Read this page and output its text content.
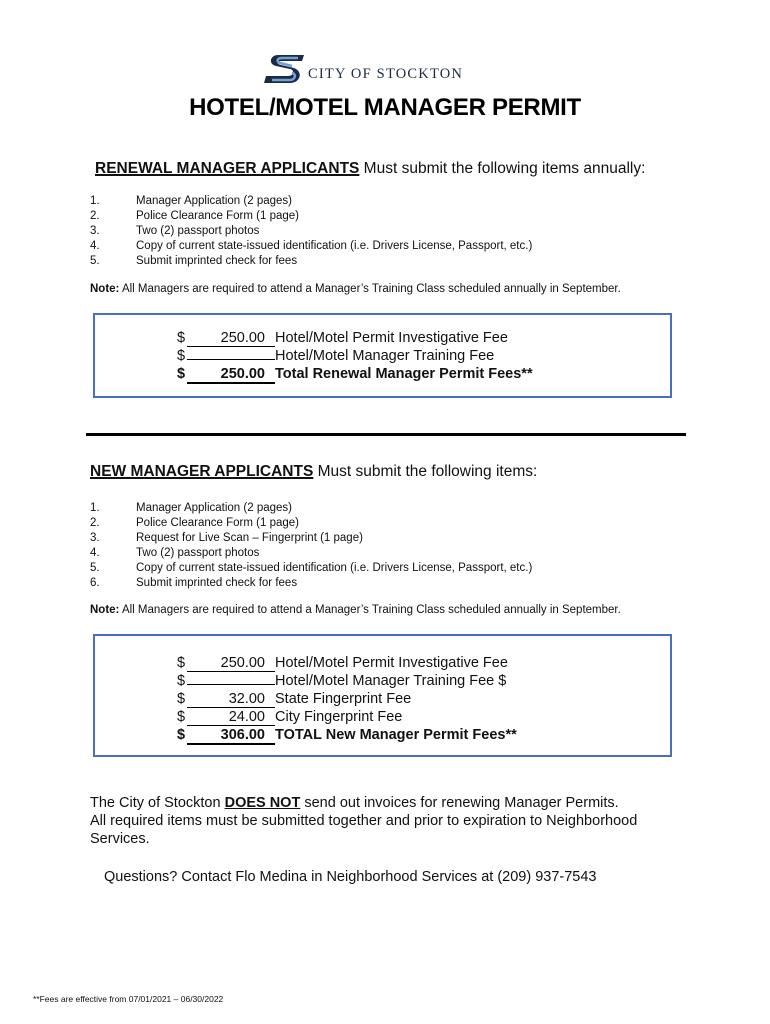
CITY OF STOCKTON
HOTEL/MOTEL MANAGER PERMIT
RENEWAL MANAGER APPLICANTS Must submit the following items annually:
1.	Manager Application (2 pages)
2.	Police Clearance Form (1 page)
3.	Two (2) passport photos
4.	Copy of current state-issued identification (i.e. Drivers License, Passport, etc.)
5.	Submit imprinted check for fees
Note: All Managers are required to attend a Manager’s Training Class scheduled annually in September.
$	250.00 Hotel/Motel Permit Investigative Fee
$	Hotel/Motel Manager Training Fee
$	250.00 Total Renewal Manager Permit Fees**
NEW MANAGER APPLICANTS Must submit the following items:
1.	Manager Application (2 pages)
2.	Police Clearance Form (1 page)
3.	Request for Live Scan – Fingerprint (1 page)
4.	Two (2) passport photos
5.	Copy of current state-issued identification (i.e. Drivers License, Passport, etc.)
6.	Submit imprinted check for fees
Note: All Managers are required to attend a Manager’s Training Class scheduled annually in September.
$	250.00 Hotel/Motel Permit Investigative Fee
$	Hotel/Motel Manager Training Fee $
$	32.00 State Fingerprint Fee
$	24.00 City Fingerprint Fee
$	306.00 TOTAL New Manager Permit Fees**
The City of Stockton DOES NOT send out invoices for renewing Manager Permits.
All required items must be submitted together and prior to expiration to Neighborhood Services.
Questions? Contact Flo Medina in Neighborhood Services at (209) 937-7543
**Fees are effective from 07/01/2021 – 06/30/2022
